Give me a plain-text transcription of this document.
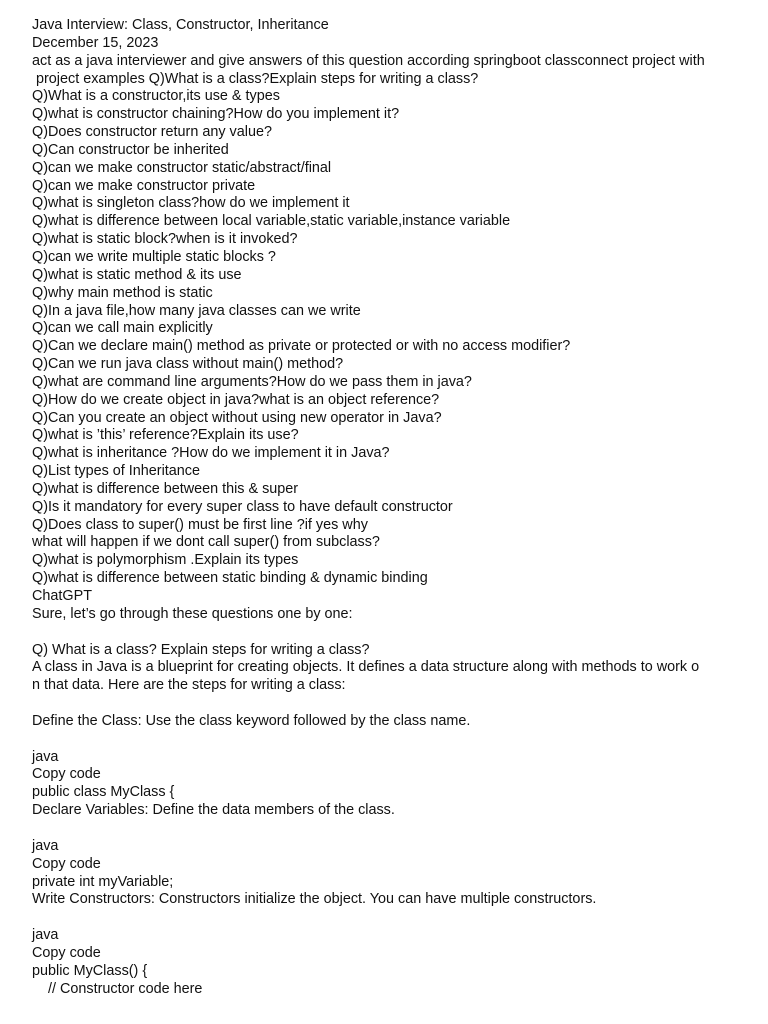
Java Interview: Class, Constructor, Inheritance
December 15, 2023
act as a java interviewer and give answers of this question according springboot classconnect project with
project examples Q)What is a class?Explain steps for writing a class?
Q)What is a constructor,its use & types
Q)what is constructor chaining?How do you implement it?
Q)Does constructor return any value?
Q)Can constructor be inherited
Q)can we make constructor static/abstract/final
Q)can we make constructor private
Q)what is singleton class?how do we implement it
Q)what is difference between local variable,static variable,instance variable
Q)what is static block?when is it invoked?
Q)can we write multiple static blocks ?
Q)what is static method & its use
Q)why main method is static
Q)In a java file,how many java classes can we write
Q)can we call main explicitly
Q)Can we declare main() method as private or protected or with no access modifier?
Q)Can we run java class without main() method?
Q)what are command line arguments?How do we pass them in java?
Q)How do we create object in java?what is an object reference?
Q)Can you create an object without using new operator in Java?
Q)what is ’this’ reference?Explain its use?
Q)what is inheritance ?How do we implement it in Java?
Q)List types of Inheritance
Q)what is difference between this & super
Q)Is it mandatory for every super class to have default constructor
Q)Does class to super() must be first line ?if yes why
what will happen if we dont call super() from subclass?
Q)what is polymorphism .Explain its types
Q)what is difference between static binding & dynamic binding
ChatGPT
Sure, let’s go through these questions one by one:
Q) What is a class? Explain steps for writing a class?
A class in Java is a blueprint for creating objects. It defines a data structure along with methods to work o
n that data. Here are the steps for writing a class:
Define the Class: Use the class keyword followed by the class name.
java
Copy code
public class MyClass {
Declare Variables: Define the data members of the class.
java
Copy code
private int myVariable;
Write Constructors: Constructors initialize the object. You can have multiple constructors.
java
Copy code
public MyClass() {
// Constructor code here
